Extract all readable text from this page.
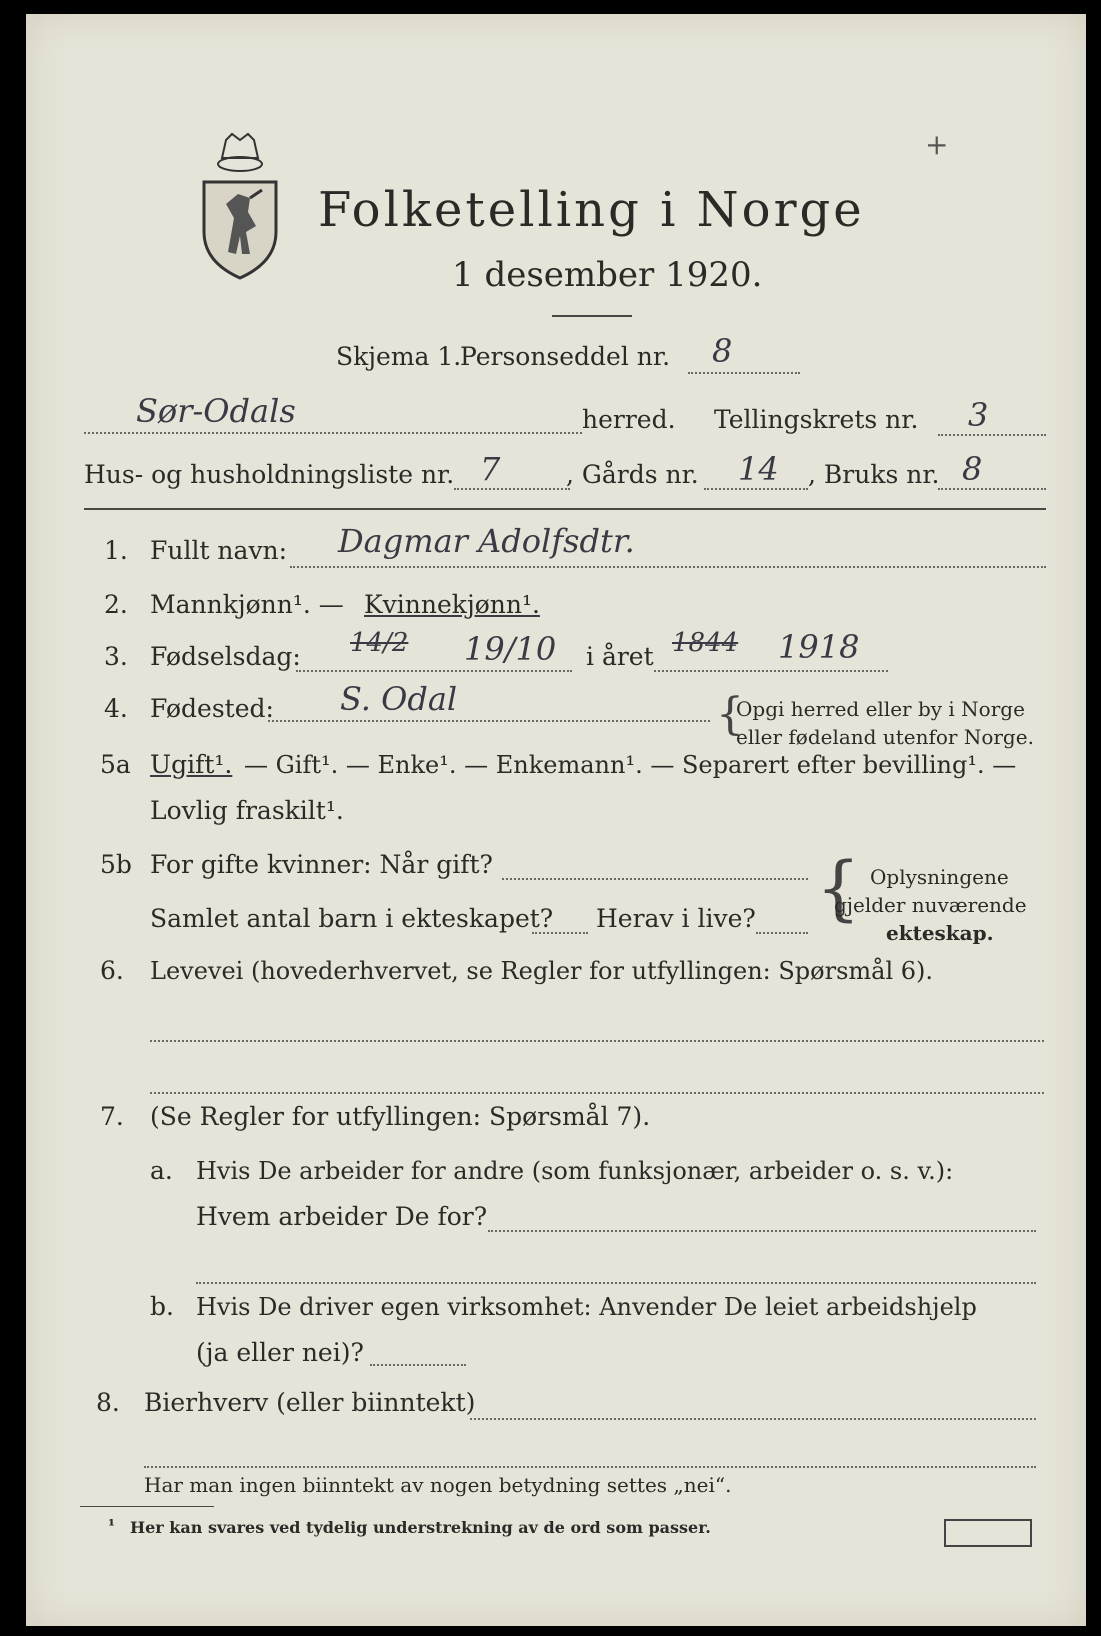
Folketelling i Norge
1 desember 1920.
+
Skjema 1.
Personseddel nr. 8
Sør-Odals	herred. Tellingskrets nr. 3
Hus- og husholdningsliste nr. 7	, Gårds nr. 14 , Bruks nr. 8
1. Fullt navn: Dagmar Adolfsdtr.
2. Mannkjønn¹. — Kvinnekjønn¹.
3. Fødselsdag: 14/2 19/10 i året 1844 1918
4. Fødested: S. Odal	{
Opgi herred eller by i Norge
eller fødeland utenfor Norge.
5a Ugift¹. — Gift¹. — Enke¹. — Enkemann¹. — Separert efter bevilling¹. —
Lovlig fraskilt¹.
5b For gifte kvinner: Når gift?
Samlet antal barn i ekteskapet? Herav i live? { Oplysningene
gjelder nuværende
ekteskap.
6. Levevei (hovederhvervet, se Regler for utfyllingen: Spørsmål 6).
7. (Se Regler for utfyllingen: Spørsmål 7).
a. Hvis De arbeider for andre (som funksjonær, arbeider o. s. v.):
Hvem arbeider De for?
b. Hvis De driver egen virksomhet: Anvender De leiet arbeidshjelp
(ja eller nei)?
8. Bierhverv (eller biinntekt)
Har man ingen biinntekt av nogen betydning settes „nei“.
¹ Her kan svares ved tydelig understrekning av de ord som passer.
